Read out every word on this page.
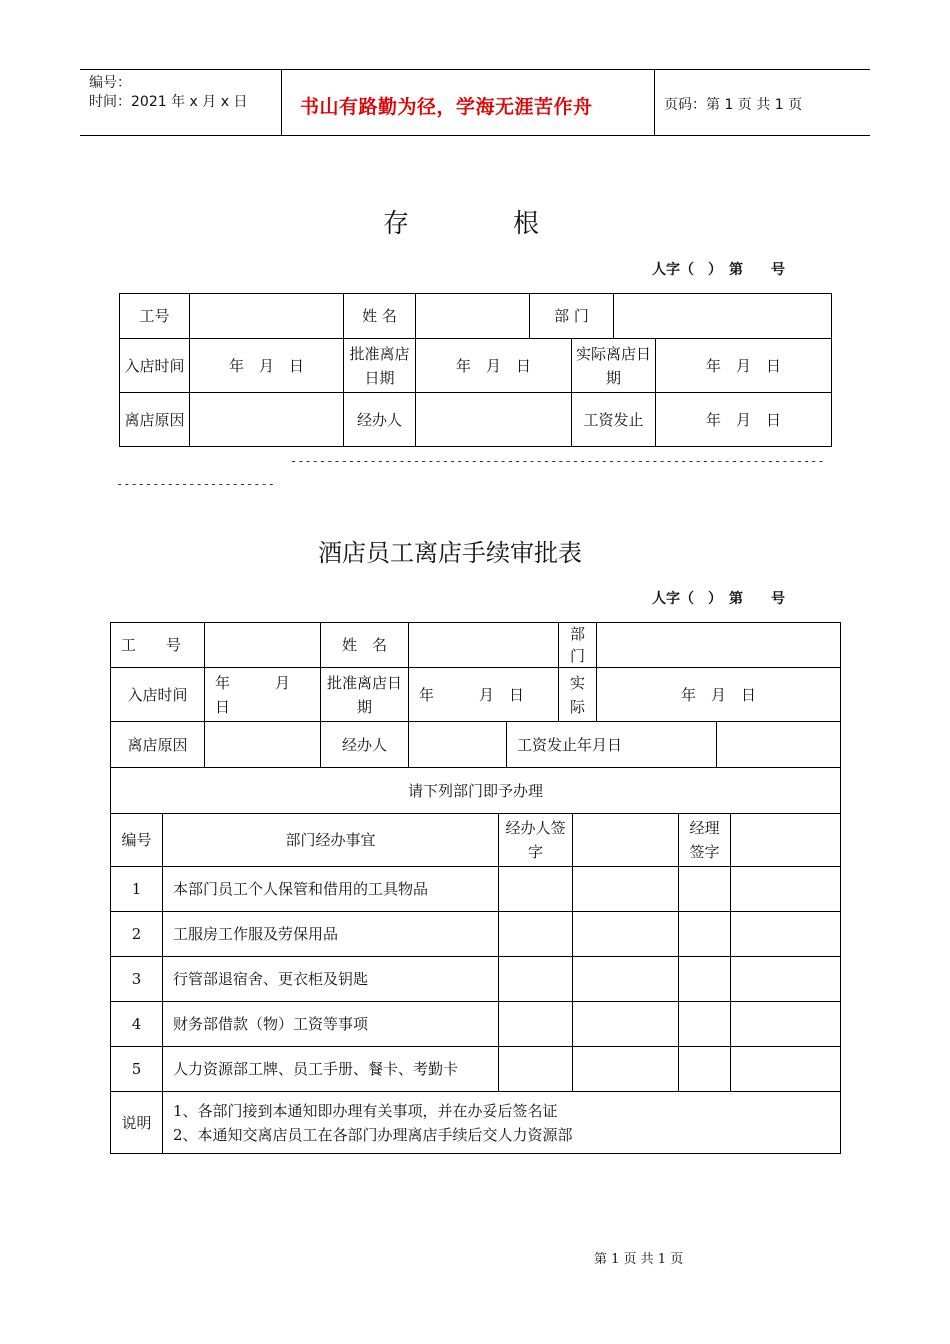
编号：
时间：2021 年 x 月 x 日	书山有路勤为径，学海无涯苦作舟	页码：第 1 页 共 1 页
存　　　　根
人字（　）　第　　号
工号		姓 名		部 门	
入店时间	年　月　日	批准离店日期	年　月　日	实际离店日期	年　月　日
离店原因		经办人		工资发止	年　月　日
--------------------------------------------------------------------------
----------------------
酒店员工离店手续审批表
人字（　）　第　　号
工　　号		姓　名		部门	
入店时间	年　　　月　日	批准离店日期	年　　　月　日	实际	年　月　日
离店原因		经办人		工资发止年月日	
请下列部门即予办理
编号	部门经办事宜	经办人签　字		经理签字	
1	本部门员工个人保管和借用的工具物品				
2	工服房工作服及劳保用品				
3	行管部退宿舍、更衣柜及钥匙				
4	财务部借款（物）工资等事项				
5	人力资源部工牌、员工手册、餐卡、考勤卡				
说明	1、各部门接到本通知即办理有关事项，并在办妥后签名证
2、本通知交离店员工在各部门办理离店手续后交人力资源部				
第 1 页 共 1 页
